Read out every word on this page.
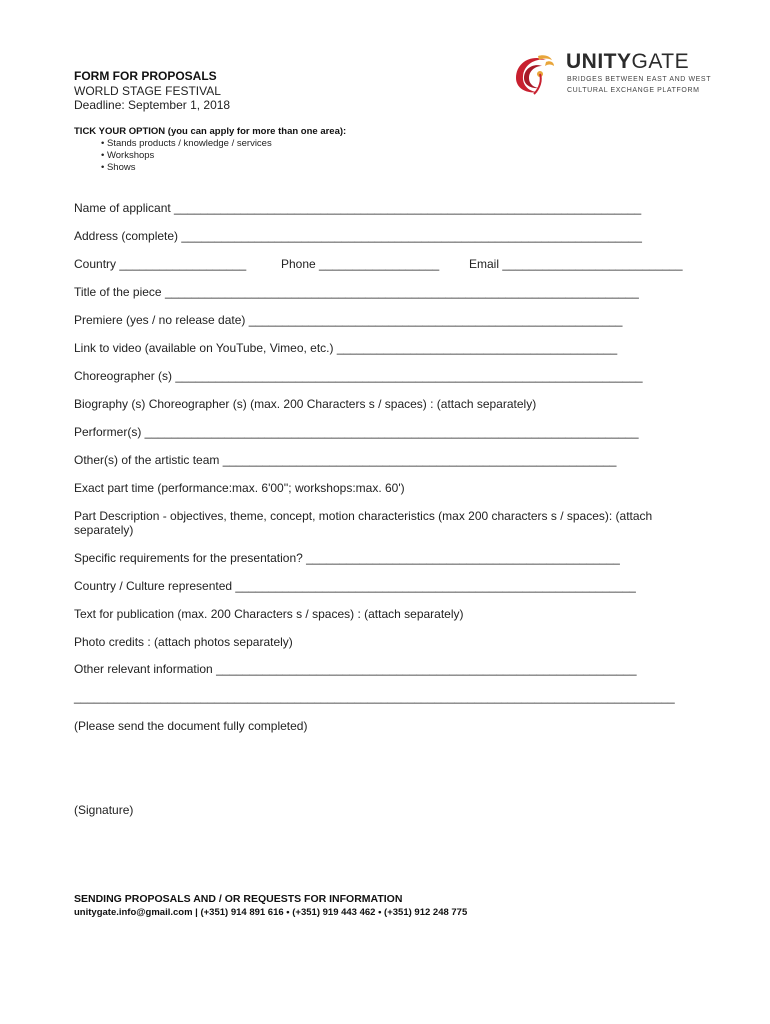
UNITYGATE
BRIDGES BETWEEN EAST AND WEST
CULTURAL EXCHANGE PLATFORM
FORM FOR PROPOSALS
WORLD STAGE FESTIVAL
Deadline: September 1, 2018
TICK YOUR OPTION (you can apply for more than one area):
• Stands products / knowledge / services
• Workshops
• Shows
Name of applicant ______________________________________________________________________
Address (complete) _____________________________________________________________________
Country ___________________	Phone __________________ Email ___________________________
Title of the piece _______________________________________________________________________
Premiere (yes / no release date) ________________________________________________________
Link to video (available on YouTube, Vimeo, etc.) __________________________________________
Choreographer (s) ______________________________________________________________________
Biography (s) Choreographer (s) (max. 200 Characters s / spaces) : (attach separately)
Performer(s) __________________________________________________________________________
Other(s) of the artistic team ___________________________________________________________
Exact part time (performance:max. 6'00''; workshops:max. 60')
Part Description - objectives, theme, concept, motion characteristics (max 200 characters s / spaces): (attach
separately)
Specific requirements for the presentation? _______________________________________________
Country / Culture represented ____________________________________________________________
Text for publication (max. 200 Characters s / spaces) : (attach separately)
Photo credits : (attach photos separately)
Other relevant information _______________________________________________________________
__________________________________________________________________________________________
(Please send the document fully completed)
(Signature)
SENDING PROPOSALS AND / OR REQUESTS FOR INFORMATION
unitygate.info@gmail.com | (+351) 914 891 616 • (+351) 919 443 462 • (+351) 912 248 775
